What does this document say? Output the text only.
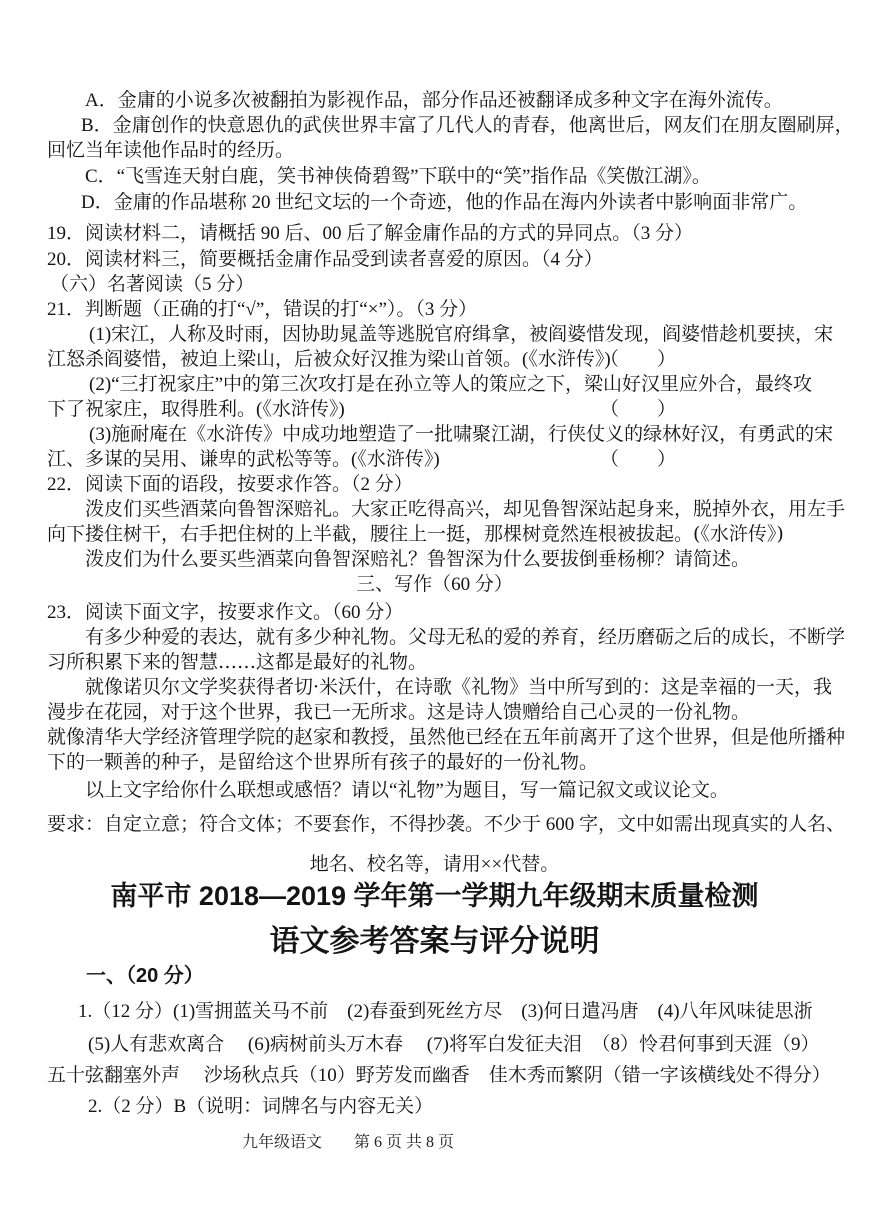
A．金庸的小说多次被翻拍为影视作品，部分作品还被翻译成多种文字在海外流传。
B．金庸创作的快意恩仇的武侠世界丰富了几代人的青春，他离世后，网友们在朋友圈刷屏，
回忆当年读他作品时的经历。
C．“飞雪连天射白鹿，笑书神侠倚碧鸳”下联中的“笑”指作品《笑傲江湖》。
D．金庸的作品堪称 20 世纪文坛的一个奇迹，他的作品在海内外读者中影响面非常广。
19．阅读材料二，请概括 90 后、00 后了解金庸作品的方式的异同点。（3 分）
20．阅读材料三，简要概括金庸作品受到读者喜爱的原因。（4 分）
（六）名著阅读（5 分）
21．判断题（正确的打“√”，错误的打“×”）。（3 分）
(1)宋江，人称及时雨，因协助晁盖等逃脱官府缉拿，被阎婆惜发现，阎婆惜趁机要挟，宋
江怒杀阎婆惜，被迫上梁山，后被众好汉推为梁山首领。(《水浒传》)
（　　）
(2)“三打祝家庄”中的第三次攻打是在孙立等人的策应之下，梁山好汉里应外合，最终攻
下了祝家庄，取得胜利。(《水浒传》)	（　　）
(3)施耐庵在《水浒传》中成功地塑造了一批啸聚江湖，行侠仗义的绿林好汉，有勇武的宋
江、多谋的吴用、谦卑的武松等等。(《水浒传》)	（　　）
22．阅读下面的语段，按要求作答。（2 分）
泼皮们买些酒菜向鲁智深赔礼。大家正吃得高兴，却见鲁智深站起身来，脱掉外衣，用左手
向下搂住树干，右手把住树的上半截，腰往上一挺，那棵树竟然连根被拔起。(《水浒传》)
泼皮们为什么要买些酒菜向鲁智深赔礼？鲁智深为什么要拔倒垂杨柳？请简述。
三、写作（60 分）
23．阅读下面文字，按要求作文。（60 分）
有多少种爱的表达，就有多少种礼物。父母无私的爱的养育，经历磨砺之后的成长，不断学
习所积累下来的智慧……这都是最好的礼物。
就像诺贝尔文学奖获得者切·米沃什，在诗歌《礼物》当中所写到的：这是幸福的一天，我
漫步在花园，对于这个世界，我已一无所求。这是诗人馈赠给自己心灵的一份礼物。
就像清华大学经济管理学院的赵家和教授，虽然他已经在五年前离开了这个世界，但是他所播种
下的一颗善的种子，是留给这个世界所有孩子的最好的一份礼物。
以上文字给你什么联想或感悟？请以“礼物”为题目，写一篇记叙文或议论文。
要求：自定立意；符合文体；不要套作，不得抄袭。不少于 600 字，文中如需出现真实的人名、
地名、校名等，请用××代替。
南平市 2018—2019 学年第一学期九年级期末质量检测
语文参考答案与评分说明
一、（20 分）
1.（12 分）(1)雪拥蓝关马不前　(2)春蚕到死丝方尽　(3)何日遣冯唐　(4)八年风味徒思浙
(5)人有悲欢离合　 (6)病树前头万木春　 (7)将军白发征夫泪　（8）怜君何事到天涯（9）
五十弦翻塞外声　 沙场秋点兵（10）野芳发而幽香　佳木秀而繁阴（错一字该横线处不得分）
2.（2 分）B（说明：词牌名与内容无关）
九年级语文　　第 6 页 共 8 页
